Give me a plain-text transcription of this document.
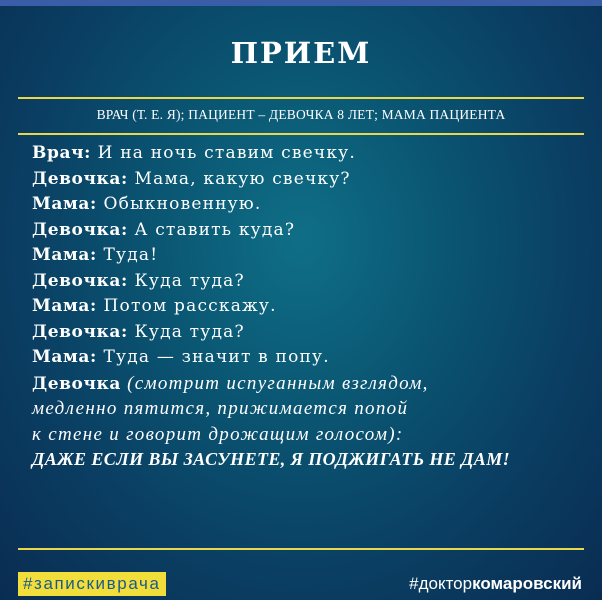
ПРИЕМ
ВРАЧ (Т. Е. Я); ПАЦИЕНТ – ДЕВОЧКА 8 ЛЕТ; МАМА ПАЦИЕНТА
Врач: И на ночь ставим свечку.
Девочка: Мама, какую свечку?
Мама: Обыкновенную.
Девочка: А ставить куда?
Мама: Туда!
Девочка: Куда туда?
Мама: Потом расскажу.
Девочка: Куда туда?
Мама: Туда — значит в попу.
Девочка (смотрит испуганным взглядом,
медленно пятится, прижимается попой
к стене и говорит дрожащим голосом):
ДАЖЕ ЕСЛИ ВЫ ЗАСУНЕТЕ, Я ПОДЖИГАТЬ НЕ ДАМ!
#запискиврача	#докторкомаровский
